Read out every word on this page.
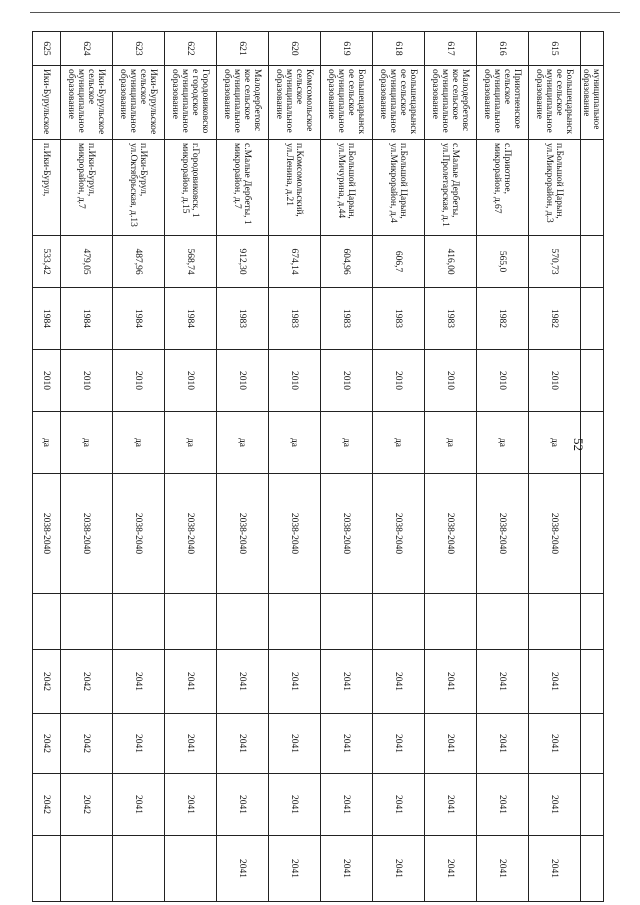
	муниципальное образование											
615	Большецарынск ое сельское муниципальное образование	п.Большой Царын, ул.Микрорайон, д.3	570,73	1982	2010	да	2038-2040		2041	2041	2041	2041
616	Приютненское сельское муниципальное образование	с.Приютное, микрорайон, д.67	565,0	1982	2010	да	2038-2040		2041	2041	2041	2041
617	Малодербетовс кое сельское муниципальное образование	с.Малые Дербеты, ул.Пролетарская, д.1	416,00	1983	2010	да	2038-2040		2041	2041	2041	2041
618	Большецарынск ое сельское муниципальное образование	п.Большой Царын, ул.Микрорайон, д.4	606,7	1983	2010	да	2038-2040		2041	2041	2041	2041
619	Большецарынск ое сельское муниципальное образование	п.Большой Царын, ул.Мичурина, д.44	604,96	1983	2010	да	2038-2040		2041	2041	2041	2041
620	Комсомольское сельское муниципальное образование	п.Комсомольский, ул.Ленина, д.21	674,14	1983	2010	да	2038-2040		2041	2041	2041	2041
621	Малодербетовс кое сельское муниципальное образование	с.Малые Дербеты, 1 микрорайон, д.7	912,30	1983	2010	да	2038-2040		2041	2041	2041	2041
622	Городовиковско е городское муниципальное образование	г.Городовиковск, 1 микрорайон, д.15	568,74	1984	2010	да	2038-2040		2041	2041	2041	
623	Ики-Бурульское сельское муниципальное образование	п.Ики-Бурул, ул.Октябрьская, д.13	487,96	1984	2010	да	2038-2040		2041	2041	2041	
624	Ики-Бурульское сельское муниципальное образование	п.Ики-Бурул, микрорайон, д.7	479,05	1984	2010	да	2038-2040		2042	2042	2042	
625	Ики-Бурульское	п.Ики-Бурул,	533,42	1984	2010	да	2038-2040		2042	2042	2042	
52
